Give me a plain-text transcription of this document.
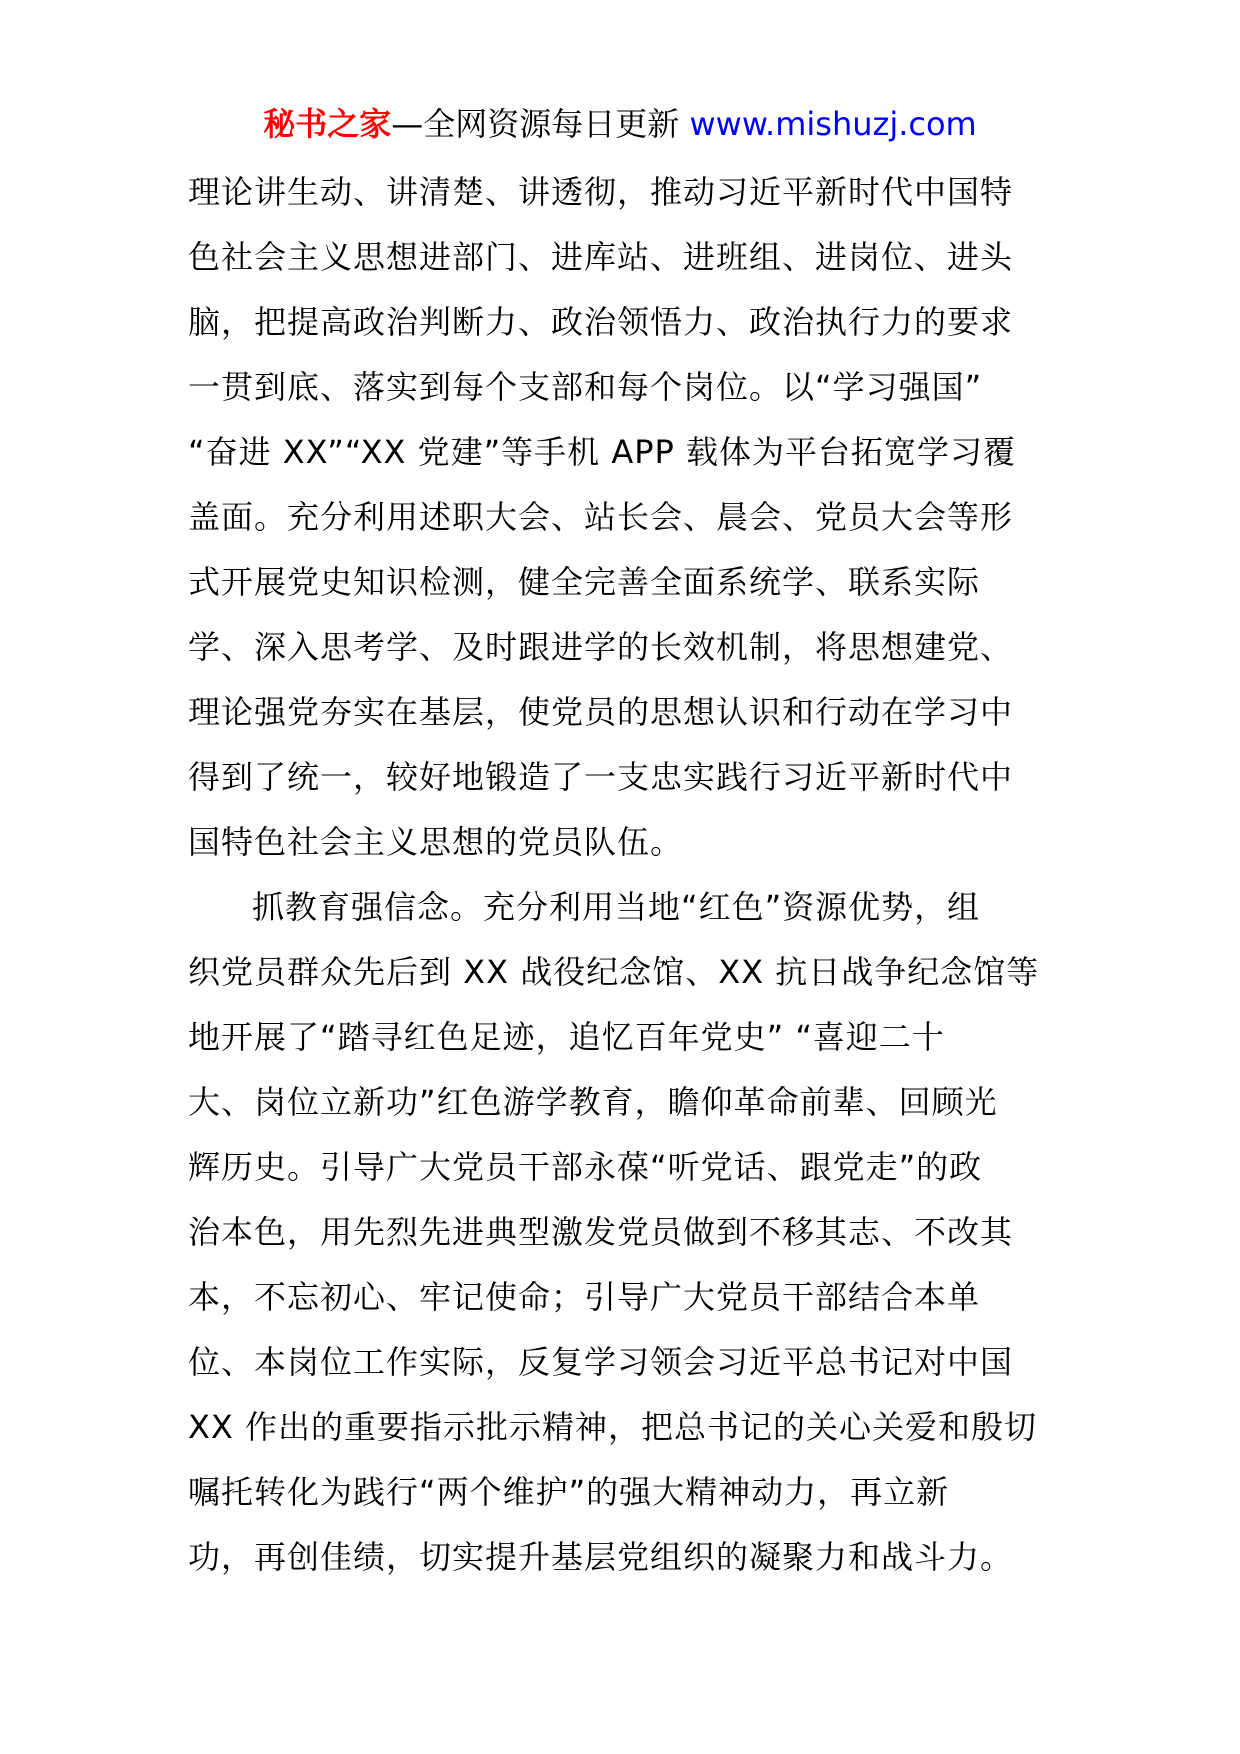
秘书之家—全网资源每日更新 www.mishuzj.com
理论讲生动、讲清楚、讲透彻，推动习近平新时代中国特
色社会主义思想进部门、进库站、进班组、进岗位、进头
脑，把提高政治判断力、政治领悟力、政治执行力的要求
一贯到底、落实到每个支部和每个岗位。以“学习强国”
“奋进 XX”“XX 党建”等手机 APP 载体为平台拓宽学习覆
盖面。充分利用述职大会、站长会、晨会、党员大会等形
式开展党史知识检测，健全完善全面系统学、联系实际
学、深入思考学、及时跟进学的长效机制，将思想建党、
理论强党夯实在基层，使党员的思想认识和行动在学习中
得到了统一，较好地锻造了一支忠实践行习近平新时代中
国特色社会主义思想的党员队伍。
抓教育强信念。充分利用当地“红色”资源优势，组
织党员群众先后到 XX 战役纪念馆、XX 抗日战争纪念馆等
地开展了“踏寻红色足迹，追忆百年党史” “喜迎二十
大、岗位立新功”红色游学教育，瞻仰革命前辈、回顾光
辉历史。引导广大党员干部永葆“听党话、跟党走”的政
治本色，用先烈先进典型激发党员做到不移其志、不改其
本，不忘初心、牢记使命；引导广大党员干部结合本单
位、本岗位工作实际，反复学习领会习近平总书记对中国
XX 作出的重要指示批示精神，把总书记的关心关爱和殷切
嘱托转化为践行“两个维护”的强大精神动力，再立新
功，再创佳绩，切实提升基层党组织的凝聚力和战斗力。
